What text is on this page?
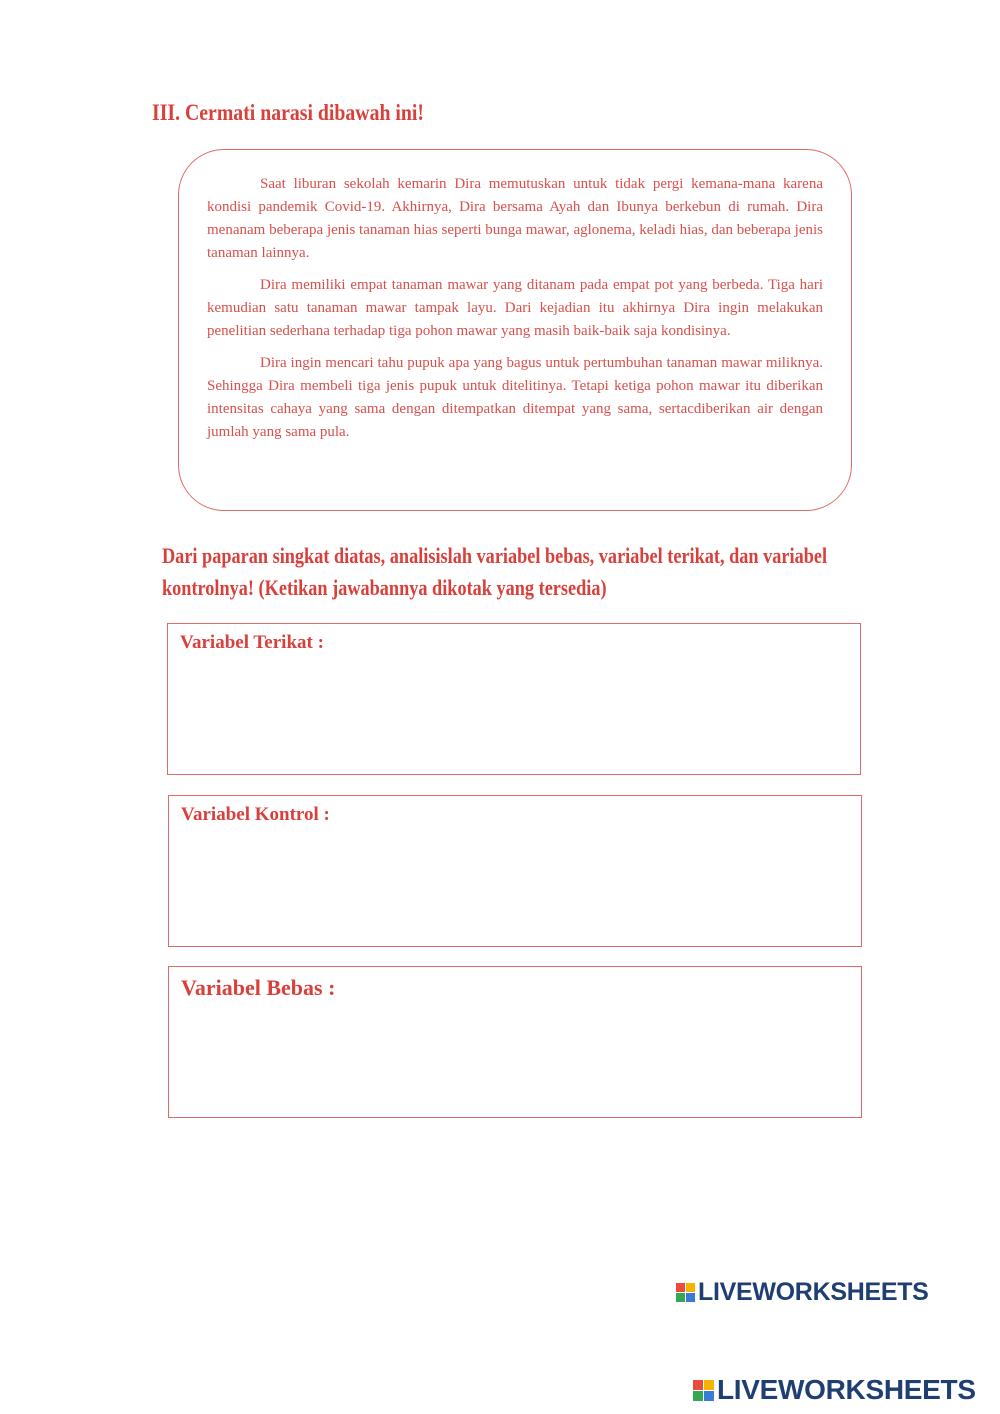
III. Cermati narasi dibawah ini!

Saat liburan sekolah kemarin Dira memutuskan untuk tidak pergi kemana-mana karena kondisi pandemik Covid-19. Akhirnya, Dira bersama Ayah dan Ibunya berkebun di rumah. Dira menanam beberapa jenis tanaman hias seperti bunga mawar, aglonema, keladi hias, dan beberapa jenis tanaman lainnya.

Dira memiliki empat tanaman mawar yang ditanam pada empat pot yang berbeda. Tiga hari kemudian satu tanaman mawar tampak layu. Dari kejadian itu akhirnya Dira ingin melakukan penelitian sederhana terhadap tiga pohon mawar yang masih baik-baik saja kondisinya.

Dira ingin mencari tahu pupuk apa yang bagus untuk pertumbuhan tanaman mawar miliknya. Sehingga Dira membeli tiga jenis pupuk untuk ditelitinya. Tetapi ketiga pohon mawar itu diberikan intensitas cahaya yang sama dengan ditempatkan ditempat yang sama, sertacdiberikan air dengan jumlah yang sama pula.

Dari paparan singkat diatas, analisislah variabel bebas, variabel terikat, dan variabel kontrolnya! (Ketikan jawabannya dikotak yang tersedia)
Variabel Terikat :
Variabel Kontrol :
Variabel Bebas :
LIVEWORKSHEETS
LIVEWORKSHEETS
